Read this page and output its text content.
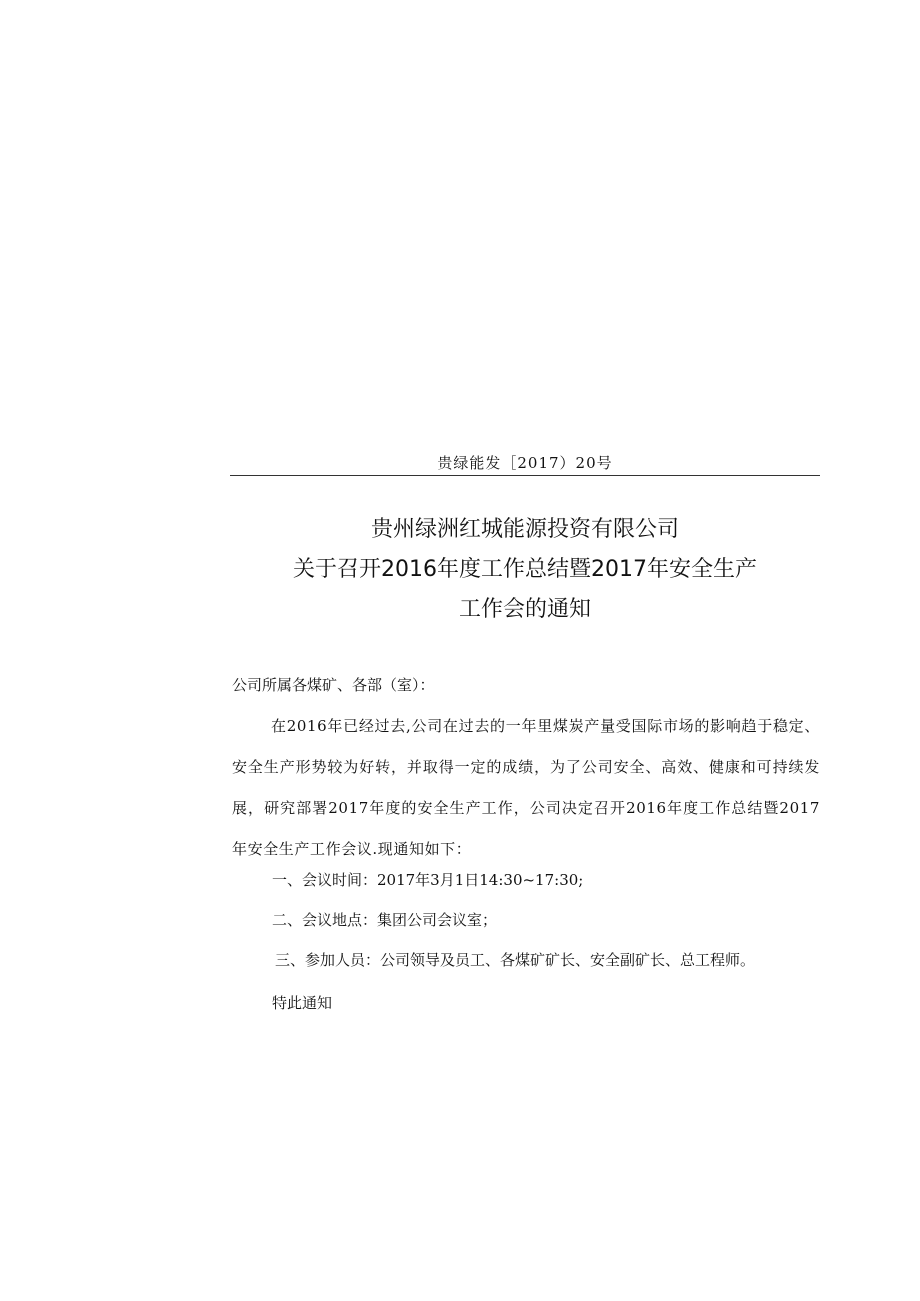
贵绿能发［2017）20号
贵州绿洲红城能源投资有限公司
关于召开2016年度工作总结暨2017年安全生产
工作会的通知
公司所属各煤矿、各部（室）：
在2016年已经过去,公司在过去的一年里煤炭产量受国际市场的影响趋于稳定、安全生产形势较为好转，并取得一定的成绩，为了公司安全、高效、健康和可持续发展，研究部署2017年度的安全生产工作，公司决定召开2016年度工作总结暨2017年安全生产工作会议.现通知如下：
一、会议时间：2017年3月1日14:30~17:30;
二、会议地点：集团公司会议室；
三、参加人员：公司领导及员工、各煤矿矿长、安全副矿长、总工程师。
特此通知
